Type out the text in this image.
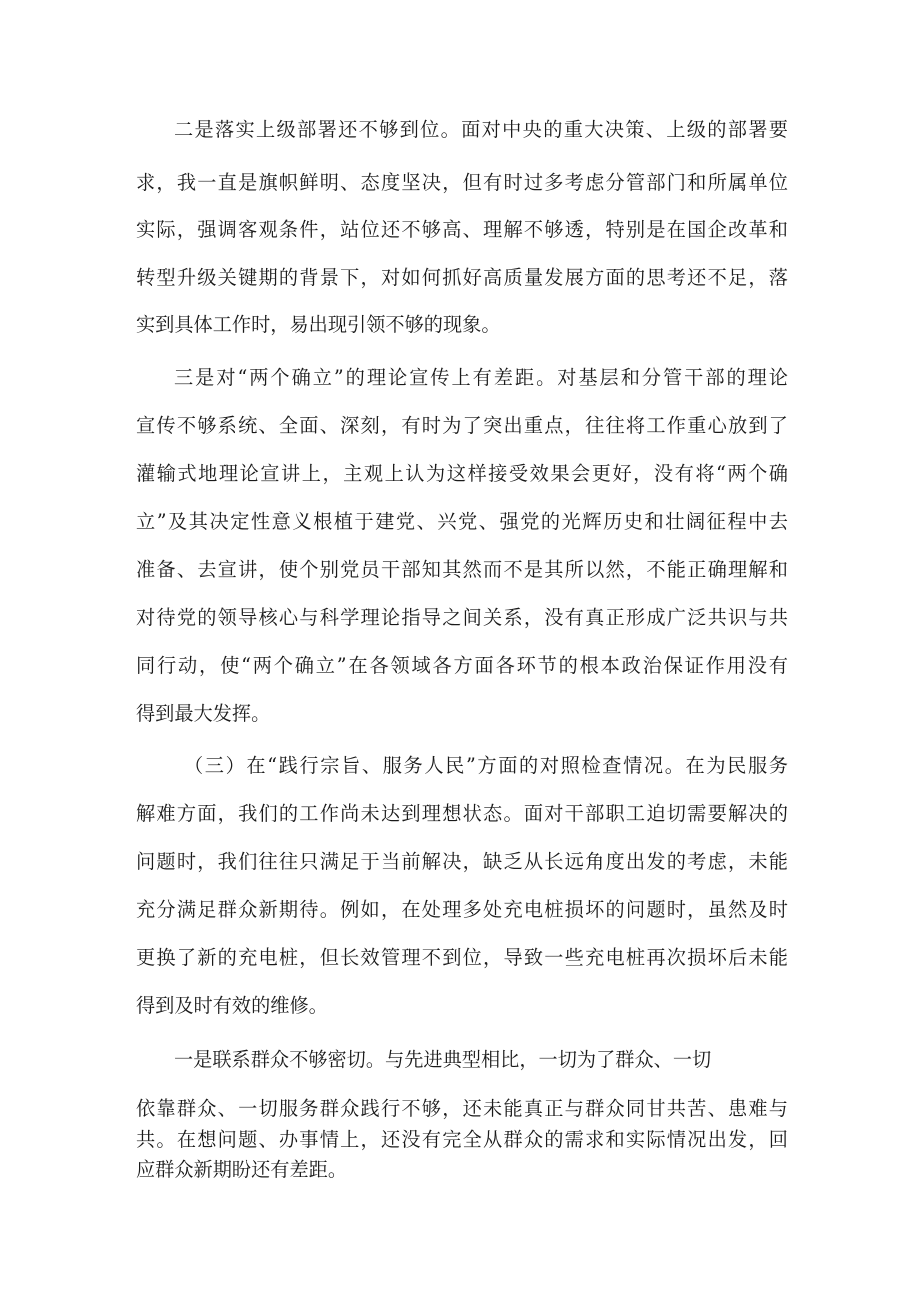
二是落实上级部署还不够到位。面对中央的重大决策、上级的部署要

求，我一直是旗帜鲜明、态度坚决，但有时过多考虑分管部门和所属单位

实际，强调客观条件，站位还不够高、理解不够透，特别是在国企改革和

转型升级关键期的背景下，对如何抓好高质量发展方面的思考还不足，落

实到具体工作时，易出现引领不够的现象。

三是对“两个确立”的理论宣传上有差距。对基层和分管干部的理论

宣传不够系统、全面、深刻，有时为了突出重点，往往将工作重心放到了

灌输式地理论宣讲上，主观上认为这样接受效果会更好，没有将“两个确

立”及其决定性意义根植于建党、兴党、强党的光辉历史和壮阔征程中去

准备、去宣讲，使个别党员干部知其然而不是其所以然，不能正确理解和

对待党的领导核心与科学理论指导之间关系，没有真正形成广泛共识与共

同行动，使“两个确立”在各领域各方面各环节的根本政治保证作用没有

得到最大发挥。

（三）在“践行宗旨、服务人民”方面的对照检查情况。在为民服务

解难方面，我们的工作尚未达到理想状态。面对干部职工迫切需要解决的

问题时，我们往往只满足于当前解决，缺乏从长远角度出发的考虑，未能

充分满足群众新期待。例如，在处理多处充电桩损坏的问题时，虽然及时

更换了新的充电桩，但长效管理不到位，导致一些充电桩再次损坏后未能

得到及时有效的维修。

一是联系群众不够密切。与先进典型相比，一切为了群众、一切

依靠群众、一切服务群众践行不够，还未能真正与群众同甘共苦、患难与

共。在想问题、办事情上，还没有完全从群众的需求和实际情况出发，回

应群众新期盼还有差距。
